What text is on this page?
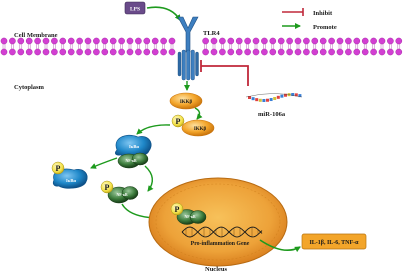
Cell Membrane
Inhibit
Promote
LPS
TLR4
Cytoplasm
miR-106a
IKKβ
IKKβ
P
IκBα
NF-κB
IκBα
P
P
NF-κB
Nucleus
P
NF-κB
Pro-inflammation Gene	IL-1β, IL-6, TNF-α
